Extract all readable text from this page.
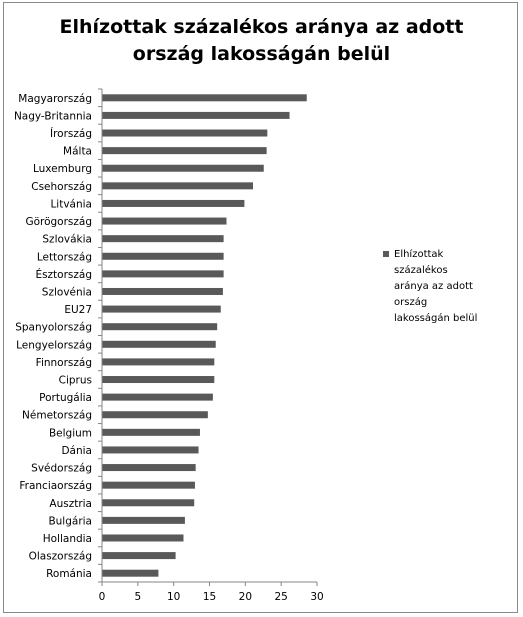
Elhízottak százalékos aránya az adott
ország lakosságán belül
Magyarország
Nagy-Britannia
Írország
Málta
Luxemburg
Csehország
Litvánia
Görögország
Szlovákia
Lettország
Észtország
Szlovénia
EU27
Spanyolország
Lengyelország
Finnország
Ciprus
Portugália
Németország
Belgium
Dánia
Svédország
Franciaország
Ausztria
Bulgária
Hollandia
Olaszország
Románia
0	5 10 15 20 25 30
Elhízottak
százalékos
aránya az adott
ország
lakosságán belül
